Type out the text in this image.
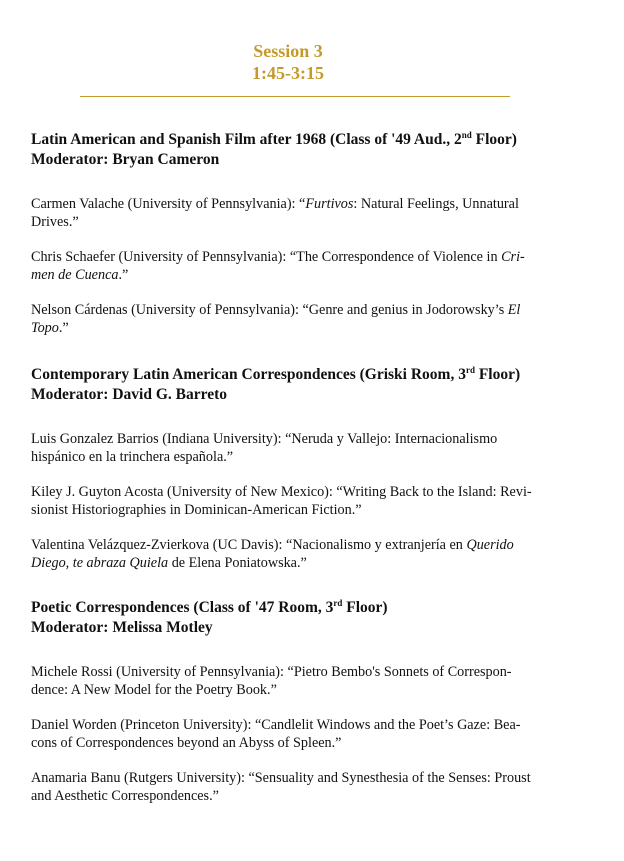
Session 3
1:45-3:15

Latin American and Spanish Film after 1968 (Class of '49 Aud., 2nd Floor)

Moderator: Bryan Cameron

Carmen Valache (University of Pennsylvania): “Furtivos: Natural Feelings, Unnatural
Drives.”

Chris Schaefer (University of Pennsylvania): “The Correspondence of Violence in Cri-
men de Cuenca.”

Nelson Cárdenas (University of Pennsylvania): “Genre and genius in Jodorowsky’s El
Topo.”

Contemporary Latin American Correspondences (Griski Room, 3rd Floor)

Moderator: David G. Barreto

Luis Gonzalez Barrios (Indiana University): “Neruda y Vallejo: Internacionalismo
hispánico en la trinchera española.”

Kiley J. Guyton Acosta (University of New Mexico): “Writing Back to the Island: Revi-
sionist Historiographies in Dominican-American Fiction.”

Valentina Velázquez-Zvierkova (UC Davis): “Nacionalismo y extranjería en Querido
Diego, te abraza Quiela de Elena Poniatowska.”

Poetic Correspondences (Class of '47 Room, 3rd Floor)

Moderator: Melissa Motley

Michele Rossi (University of Pennsylvania): “Pietro Bembo's Sonnets of Correspon-
dence: A New Model for the Poetry Book.”

Daniel Worden (Princeton University): “Candlelit Windows and the Poet’s Gaze: Bea-
cons of Correspondences beyond an Abyss of Spleen.”

Anamaria Banu (Rutgers University): “Sensuality and Synesthesia of the Senses: Proust
and Aesthetic Correspondences.”
